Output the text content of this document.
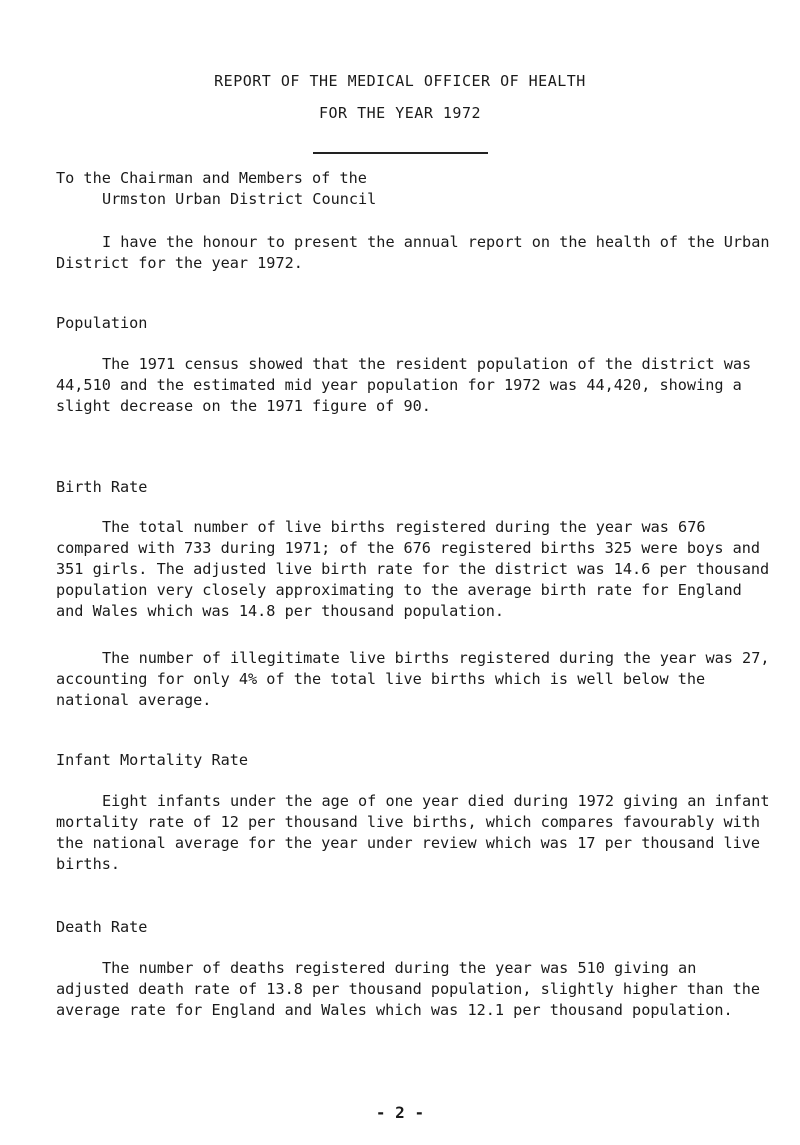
REPORT OF THE MEDICAL OFFICER OF HEALTH
FOR THE YEAR 1972
To the Chairman and Members of the
Urmston Urban District Council
I have the honour to present the annual report on the health of the Urban District for the year 1972.
Population
The 1971 census showed that the resident population of the district was 44,510 and the estimated mid year population for 1972 was 44,420, showing a slight decrease on the 1971 figure of 90.
Birth Rate
The total number of live births registered during the year was 676 compared with 733 during 1971; of the 676 registered births 325 were boys and 351 girls. The adjusted live birth rate for the district was 14.6 per thousand population very closely approximating to the average birth rate for England and Wales which was 14.8 per thousand population.
The number of illegitimate live births registered during the year was 27, accounting for only 4% of the total live births which is well below the national average.
Infant Mortality Rate
Eight infants under the age of one year died during 1972 giving an infant mortality rate of 12 per thousand live births, which compares favourably with the national average for the year under review which was 17 per thousand live births.
Death Rate
The number of deaths registered during the year was 510 giving an adjusted death rate of 13.8 per thousand population, slightly higher than the average rate for England and Wales which was 12.1 per thousand population.
- 2 -
